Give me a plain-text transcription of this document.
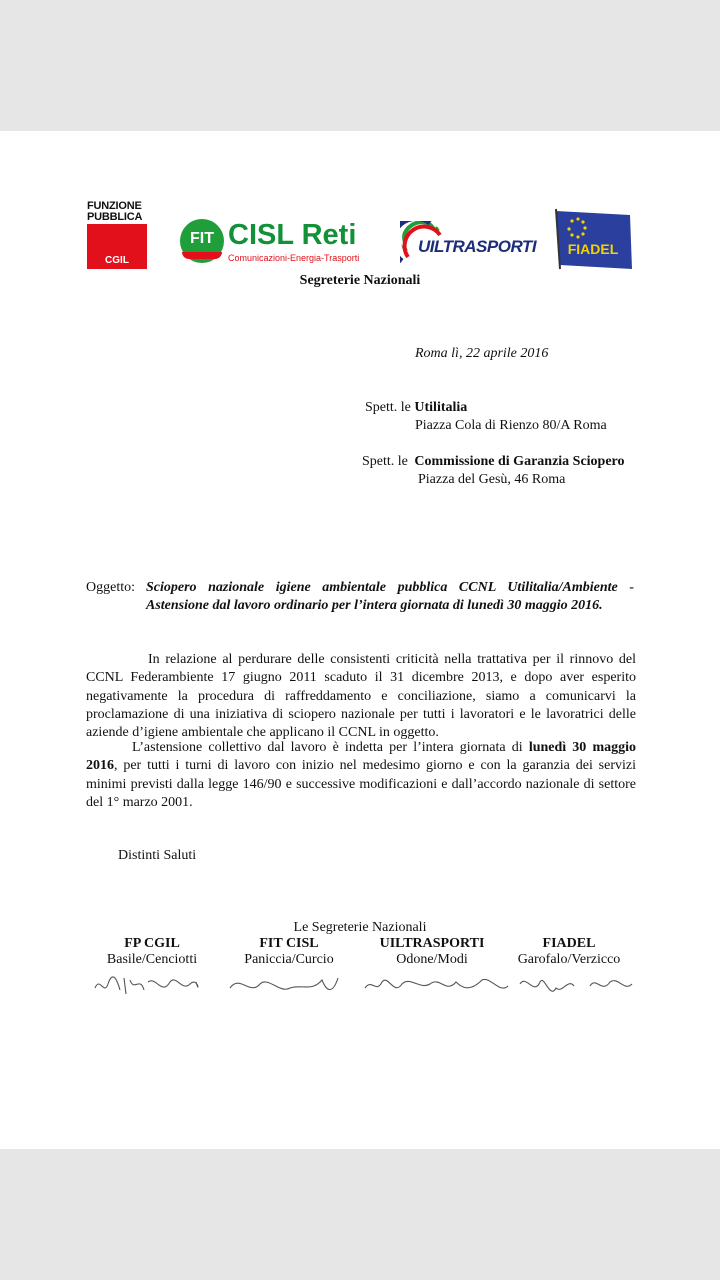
FUNZIONE
PUBBLICA
CGIL
FIT CISL Reti
Comunicazioni-Energia-Trasporti
UILTRASPORTI	FIADEL
Segreterie Nazionali
Roma lì, 22 aprile 2016
Spett. le Utilitalia
Piazza Cola di Rienzo 80/A Roma
Spett. le Commissione di Garanzia Sciopero
Piazza del Gesù, 46 Roma
Oggetto: Sciopero nazionale igiene ambientale pubblica CCNL Utilitalia/Ambiente -
Astensione dal lavoro ordinario per l’intera giornata di lunedì 30 maggio 2016.
In relazione al perdurare delle consistenti criticità nella trattativa per il rinnovo del CCNL Federambiente 17 giugno 2011 scaduto il 31 dicembre 2013, e dopo aver esperito negativamente la procedura di raffreddamento e conciliazione, siamo a comunicarvi la proclamazione di una iniziativa di sciopero nazionale per tutti i lavoratori e le lavoratrici delle aziende d’igiene ambientale che applicano il CCNL in oggetto.
L’astensione collettivo dal lavoro è indetta per l’intera giornata di lunedì 30 maggio 2016, per tutti i turni di lavoro con inizio nel medesimo giorno e con la garanzia dei servizi minimi previsti dalla legge 146/90 e successive modificazioni e dall’accordo nazionale di settore del 1° marzo 2001.
Distinti Saluti
Le Segreterie Nazionali
FP CGIL
Basile/Cenciotti
FIT CISL
Paniccia/Curcio
UILTRASPORTI
Odone/Modi
FIADEL
Garofalo/Verzicco
